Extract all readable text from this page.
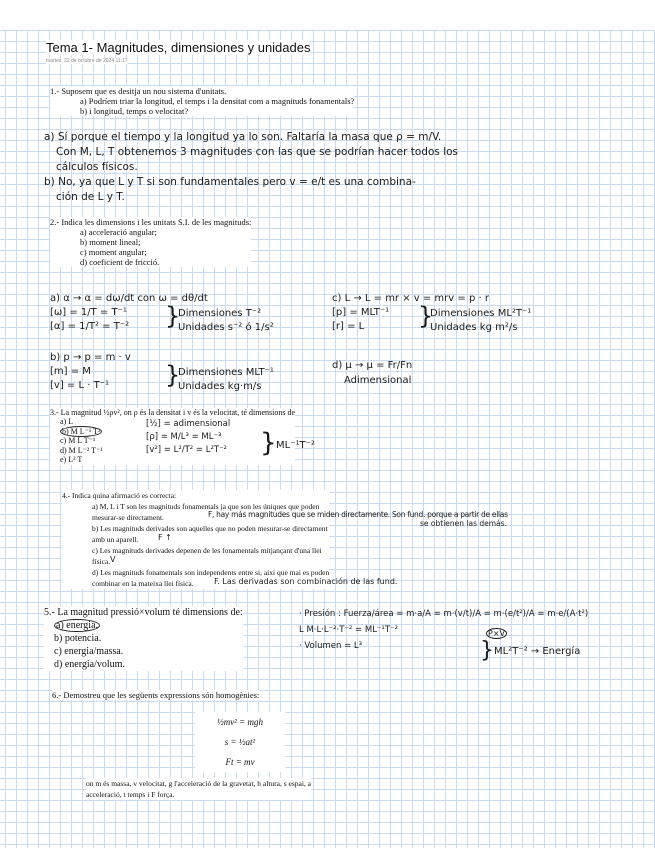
Tema 1- Magnitudes, dimensiones y unidades
martes, 22 de octubre de 2024 11:17

1.- Suposem que es desitja un nou sistema d'unitats.

a) Podríem triar la longitud, el temps i la densitat com a magnituds fonamentals?

b) i longitud, temps o velocitat?

a) Sí porque el tiempo y la longitud ya lo son. Faltaría la masa que ρ = m/V.

Con M, L, T obtenemos 3 magnitudes con las que se podrían hacer todos los

cálculos físicos.

b) No, ya que L y T si son fundamentales pero v = e/t es una combina-

ción de L y T.

2.- Indica les dimensions i les unitats S.I. de les magnituds:

a) acceleració angular;

b) moment lineal;

c) moment angular;

d) coeficient de fricció.

a) α → α = dω/dt con ω = dθ/dt

[ω] = 1/T = T⁻¹

[α] = 1/T² = T⁻²	}

Dimensiones T⁻²

Unidades s⁻² ó 1/s²

c) L → L = mr × v = mrv = p · r

[p] = MLT⁻¹

[r] = L	}

Dimensiones ML²T⁻¹

Unidades kg m²/s

b) p → p = m · v

[m] = M

[v] = L · T⁻¹	}

Dimensiones MLT⁻¹

Unidades kg·m/s

d) μ → μ = Fr/Fn

Adimensional

3.- La magnitud ½ρv², on ρ és la densitat i v és la velocitat, té dimensions de

a) L

b) M L⁻¹ T²

c) M L T⁻¹

d) M L⁻² T⁻¹

e) L² T

[½] = adimensional

[ρ] = M/L³ = ML⁻³

[v²] = L²/T² = L²T⁻² } ML⁻¹T⁻²

4.- Indica quina afirmació es correcta:

a) M, L i T son les magnituds fonamentals ja que son les úniques que poden

mesurar-se directament.

b) Les magnituds derivades son aquelles que no poden mesurar-se directament

amb un aparell.

c) Les magnituds derivades depenen de les fonamentals mitjançant d'una llei

física.

d) Les magnituds fonamentals son independents entre si, aixi que mai es poden

combinar en la mateixa llei física.

F, hay más magnitudes que se miden directamente. Son fund. porque a partir de ellas
se obtienen las demás.
F ↑
V
F. Las derivadas son combinación de las fund.

5.- La magnitud pressió×volum té dimensions de:

a) energia.

b) potencia.

c) energia/massa.

d) energia/volum.

· Presión : Fuerza/área = m·a/A = m·(v/t)/A = m·(e/t²)/A = m·e/(A·t²)

L M·L·L⁻²·T⁻² = ML⁻¹T⁻²

· Volumen = L³

P×V
} ML²T⁻² → Energía

6.- Demostreu que les següents expressions són homogènies:

½mv² = mgh

s = ½at²

Ft = mv

on m és massa, v velocitat, g l'acceleració de la gravetat, h altura, s espai, a

acceleració, t temps i F força.
